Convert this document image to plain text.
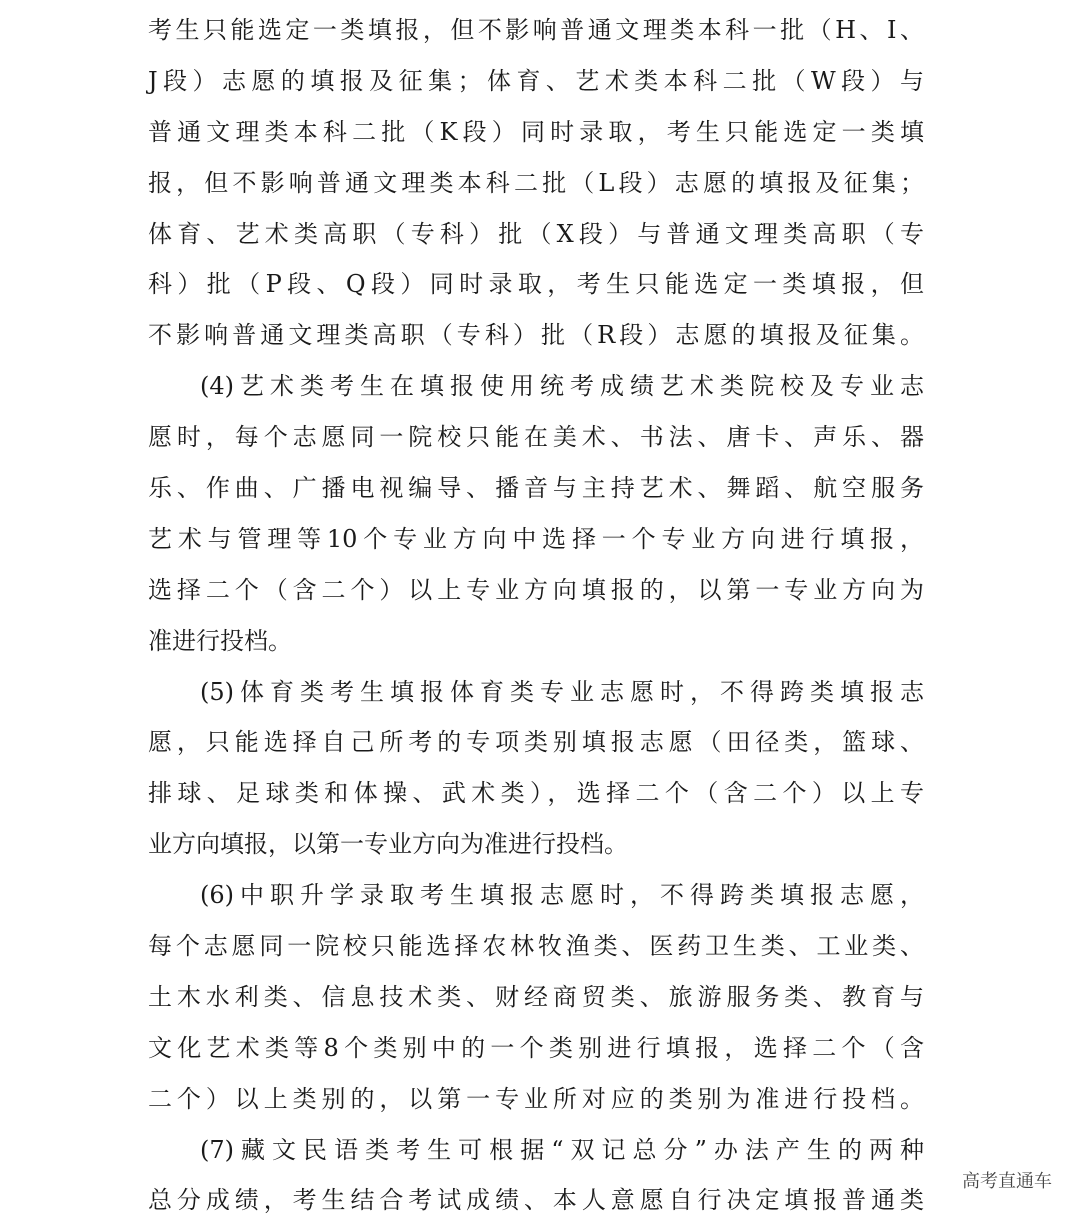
考生只能选定一类填报，但不影响普通文理类本科一批（H、I、
J段）志愿的填报及征集；体育、艺术类本科二批（W段）与
普通文理类本科二批（K段）同时录取，考生只能选定一类填
报，但不影响普通文理类本科二批（L段）志愿的填报及征集；
体育、艺术类高职（专科）批（X段）与普通文理类高职（专
科）批（P段、Q段）同时录取，考生只能选定一类填报，但
不影响普通文理类高职（专科）批（R段）志愿的填报及征集。
(4)艺术类考生在填报使用统考成绩艺术类院校及专业志
愿时，每个志愿同一院校只能在美术、书法、唐卡、声乐、器
乐、作曲、广播电视编导、播音与主持艺术、舞蹈、航空服务
艺术与管理等10个专业方向中选择一个专业方向进行填报，
选择二个（含二个）以上专业方向填报的，以第一专业方向为
准进行投档。
(5)体育类考生填报体育类专业志愿时，不得跨类填报志
愿，只能选择自己所考的专项类别填报志愿（田径类，篮球、
排球、足球类和体操、武术类），选择二个（含二个）以上专
业方向填报，以第一专业方向为准进行投档。
(6)中职升学录取考生填报志愿时，不得跨类填报志愿，
每个志愿同一院校只能选择农林牧渔类、医药卫生类、工业类、
土木水利类、信息技术类、财经商贸类、旅游服务类、教育与
文化艺术类等8个类别中的一个类别进行填报，选择二个（含
二个）以上类别的，以第一专业所对应的类别为准进行投档。
(7)藏文民语类考生可根据“双记总分”办法产生的两种
总分成绩，考生结合考试成绩、本人意愿自行决定填报普通类
高考直通车
